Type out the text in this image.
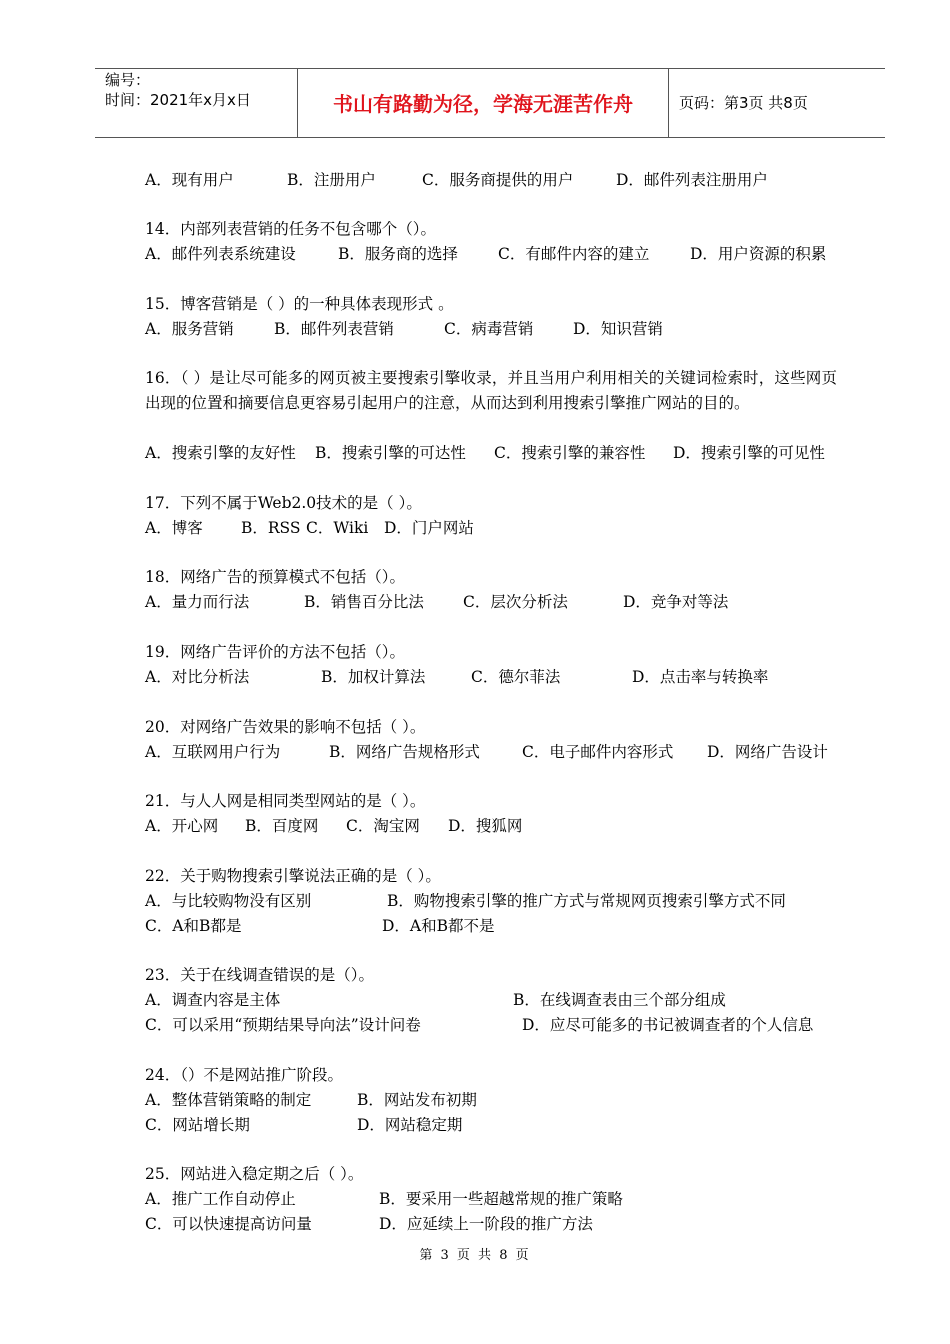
编号：
时间：2021年x月x日	书山有路勤为径，学海无涯苦作舟	页码：第3页 共8页
A．现有用户	B．注册用户	C．服务商提供的用户	D．邮件列表注册用户
14．内部列表营销的任务不包含哪个（）。
A．邮件列表系统建设	B．服务商的选择	C．有邮件内容的建立	D．用户资源的积累
15．博客营销是（ ）的一种具体表现形式 。
A．服务营销	B．邮件列表营销	C．病毒营销	D．知识营销
16．（ ）是让尽可能多的网页被主要搜索引擎收录，并且当用户利用相关的关键词检索时，这些网页出现的位置和摘要信息更容易引起用户的注意，从而达到利用搜索引擎推广网站的目的。
A．搜索引擎的友好性 B．搜索引擎的可达性 C．搜索引擎的兼容性 D．搜索引擎的可见性
17．下列不属于Web2.0技术的是（ ）。
A．博客 B．RSS C．Wiki D．门户网站
18．网络广告的预算模式不包括（）。
A．量力而行法	B．销售百分比法	C．层次分析法	D．竞争对等法
19．网络广告评价的方法不包括（）。
A．对比分析法	B．加权计算法	C．德尔菲法	D．点击率与转换率
20．对网络广告效果的影响不包括（ ）。
A．互联网用户行为	B．网络广告规格形式	C．电子邮件内容形式 D．网络广告设计
21．与人人网是相同类型网站的是（ ）。
A．开心网 B．百度网 C．淘宝网 D．搜狐网
22．关于购物搜索引擎说法正确的是（ ）。
A．与比较购物没有区别	B．购物搜索引擎的推广方式与常规网页搜索引擎方式不同
C．A和B都是	D．A和B都不是
23．关于在线调查错误的是（）。
A．调查内容是主体	B．在线调查表由三个部分组成
C．可以采用“预期结果导向法”设计问卷	D．应尽可能多的书记被调查者的个人信息
24．（）不是网站推广阶段。
A．整体营销策略的制定	B．网站发布初期
C．网站增长期	D．网站稳定期
25．网站进入稳定期之后（ ）。
A．推广工作自动停止	B．要采用一些超越常规的推广策略
C．可以快速提高访问量	D．应延续上一阶段的推广方法
第 3 页 共 8 页
